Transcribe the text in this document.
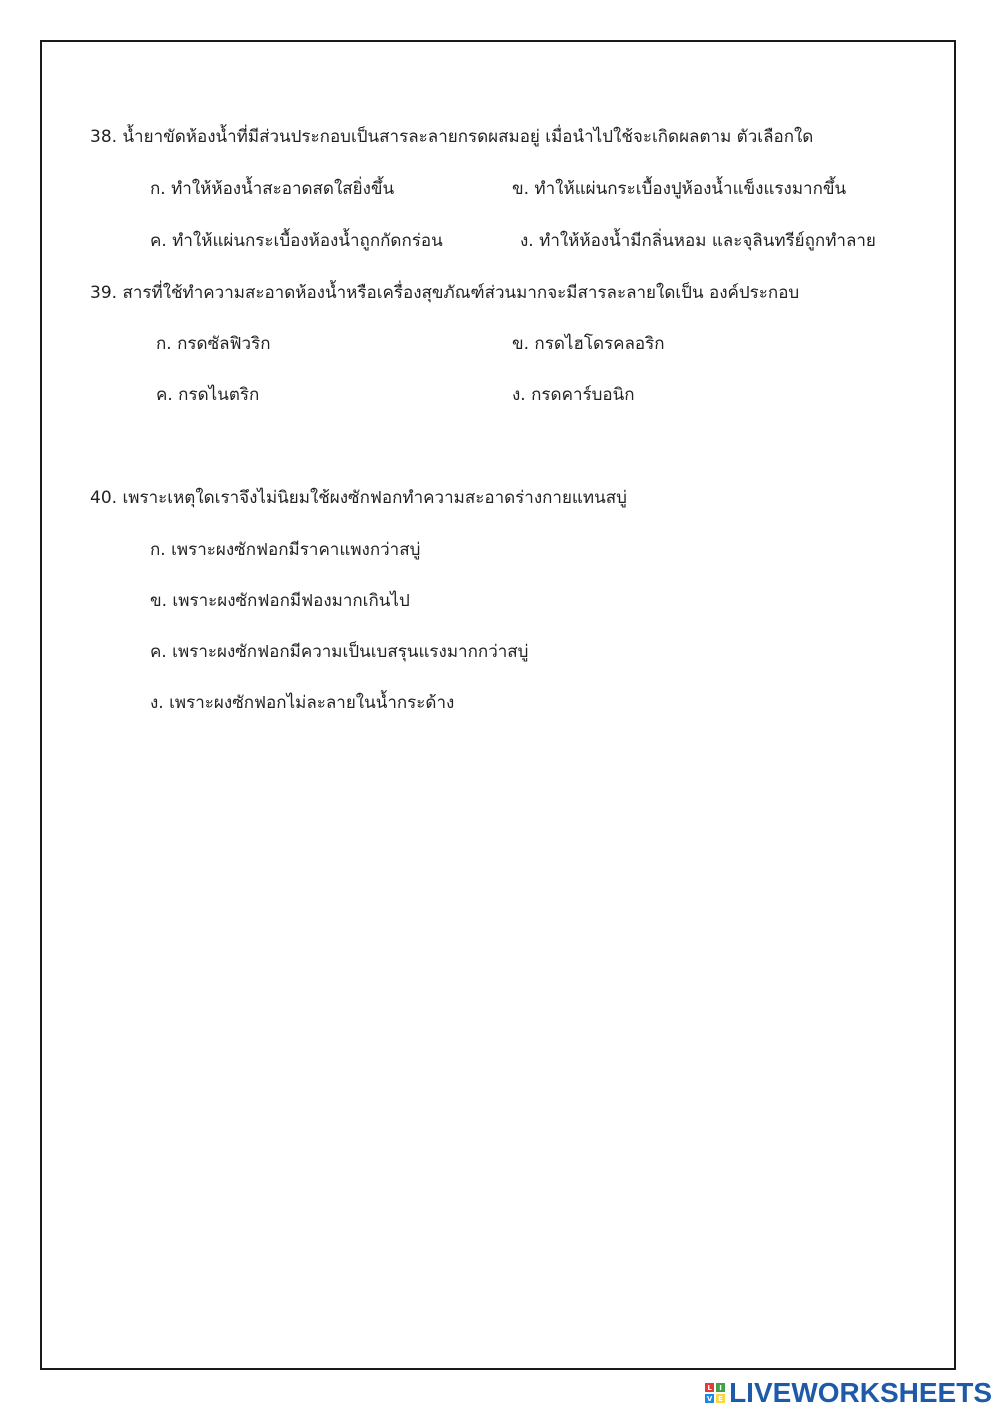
38. น้ำยาขัดห้องน้ำที่มีส่วนประกอบเป็นสารละลายกรดผสมอยู่ เมื่อนำไปใช้จะเกิดผลตาม ตัวเลือกใด
ก. ทำให้ห้องน้ำสะอาดสดใสยิ่งขึ้น	ข. ทำให้แผ่นกระเบื้องปูห้องน้ำแข็งแรงมากขึ้น
ค. ทำให้แผ่นกระเบื้องห้องน้ำถูกกัดกร่อน	ง. ทำให้ห้องน้ำมีกลิ่นหอม และจุลินทรีย์ถูกทำลาย
39. สารที่ใช้ทำความสะอาดห้องน้ำหรือเครื่องสุขภัณฑ์ส่วนมากจะมีสารละลายใดเป็น องค์ประกอบ
ก. กรดซัลฟิวริก	ข. กรดไฮโดรคลอริก
ค. กรดไนตริก	ง. กรดคาร์บอนิก
40. เพราะเหตุใดเราจึงไม่นิยมใช้ผงซักฟอกทำความสะอาดร่างกายแทนสบู่
ก. เพราะผงซักฟอกมีราคาแพงกว่าสบู่
ข. เพราะผงซักฟอกมีฟองมากเกินไป
ค. เพราะผงซักฟอกมีความเป็นเบสรุนแรงมากกว่าสบู่
ง. เพราะผงซักฟอกไม่ละลายในน้ำกระด้าง
L	I
V E LIVEWORKSHEETS
